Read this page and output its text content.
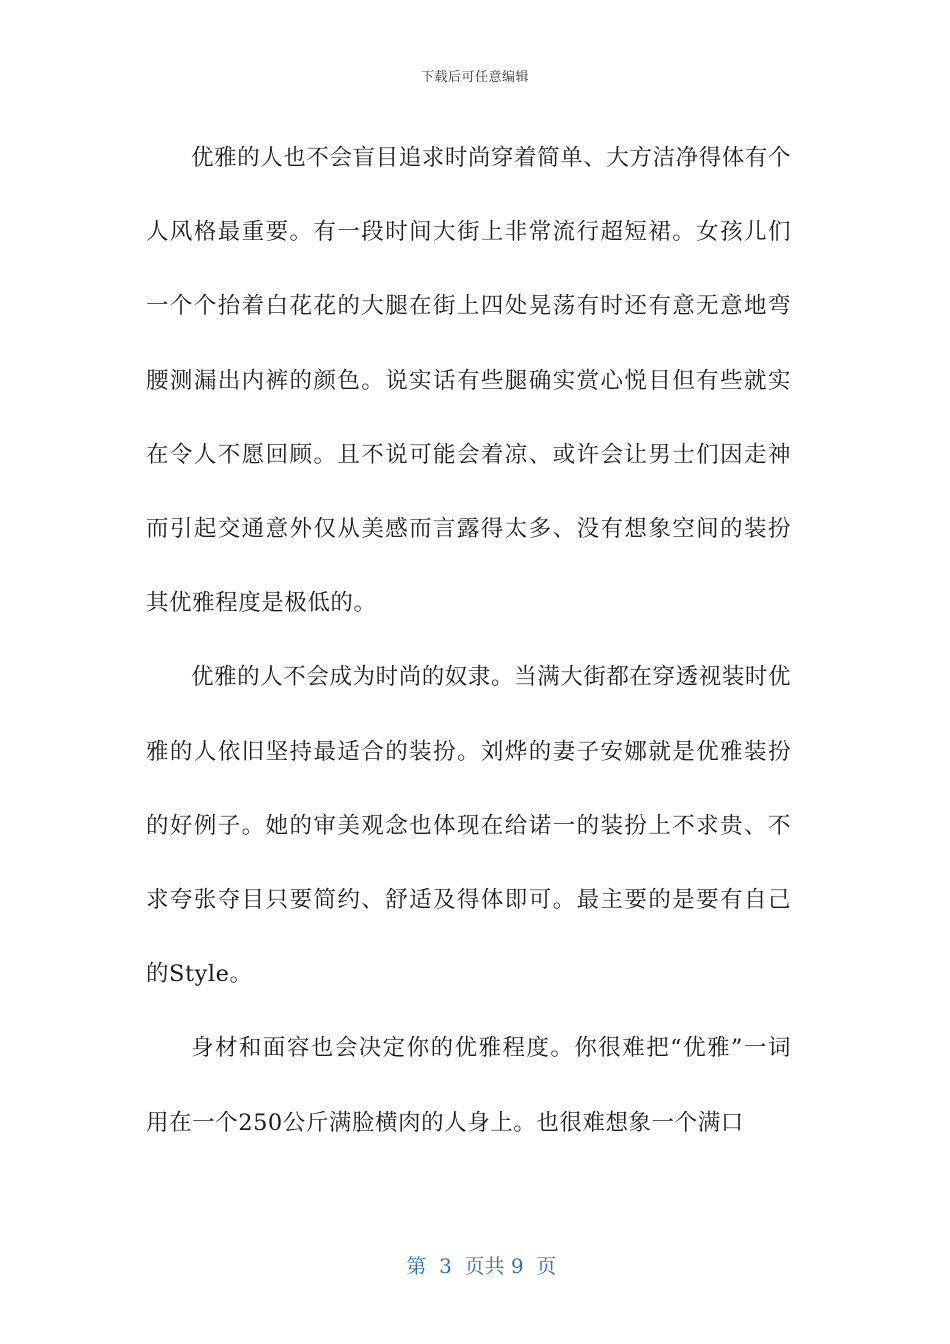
下载后可任意编辑

优雅的人也不会盲目追求时尚穿着简单、大方洁净得体有个人风格最重要。有一段时间大街上非常流行超短裙。女孩儿们一个个抬着白花花的大腿在街上四处晃荡有时还有意无意地弯腰测漏出内裤的颜色。说实话有些腿确实赏心悦目但有些就实在令人不愿回顾。且不说可能会着凉、或许会让男士们因走神而引起交通意外仅从美感而言露得太多、没有想象空间的装扮其优雅程度是极低的。

优雅的人不会成为时尚的奴隶。当满大街都在穿透视装时优雅的人依旧坚持最适合的装扮。刘烨的妻子安娜就是优雅装扮的好例子。她的审美观念也体现在给诺一的装扮上不求贵、不求夸张夺目只要简约、舒适及得体即可。最主要的是要有自己的Style。

身材和面容也会决定你的优雅程度。你很难把“优雅”一词用在一个250公斤满脸横肉的人身上。也很难想象一个满口

第  3  页共 9  页
